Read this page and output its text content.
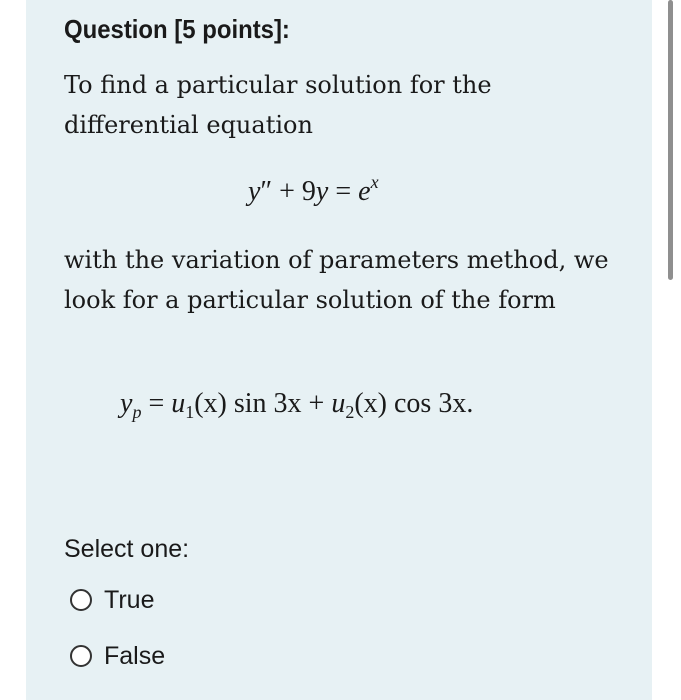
Question [5 points]:

To find a particular solution for the differential equation

$y'' + 9y = e^x$

with the variation of parameters method, we look for a particular solution of the form

$y_p = u_1(x)$ $\sin 3x + u_2(x)$ cos 3x.
Select one:
True
False
